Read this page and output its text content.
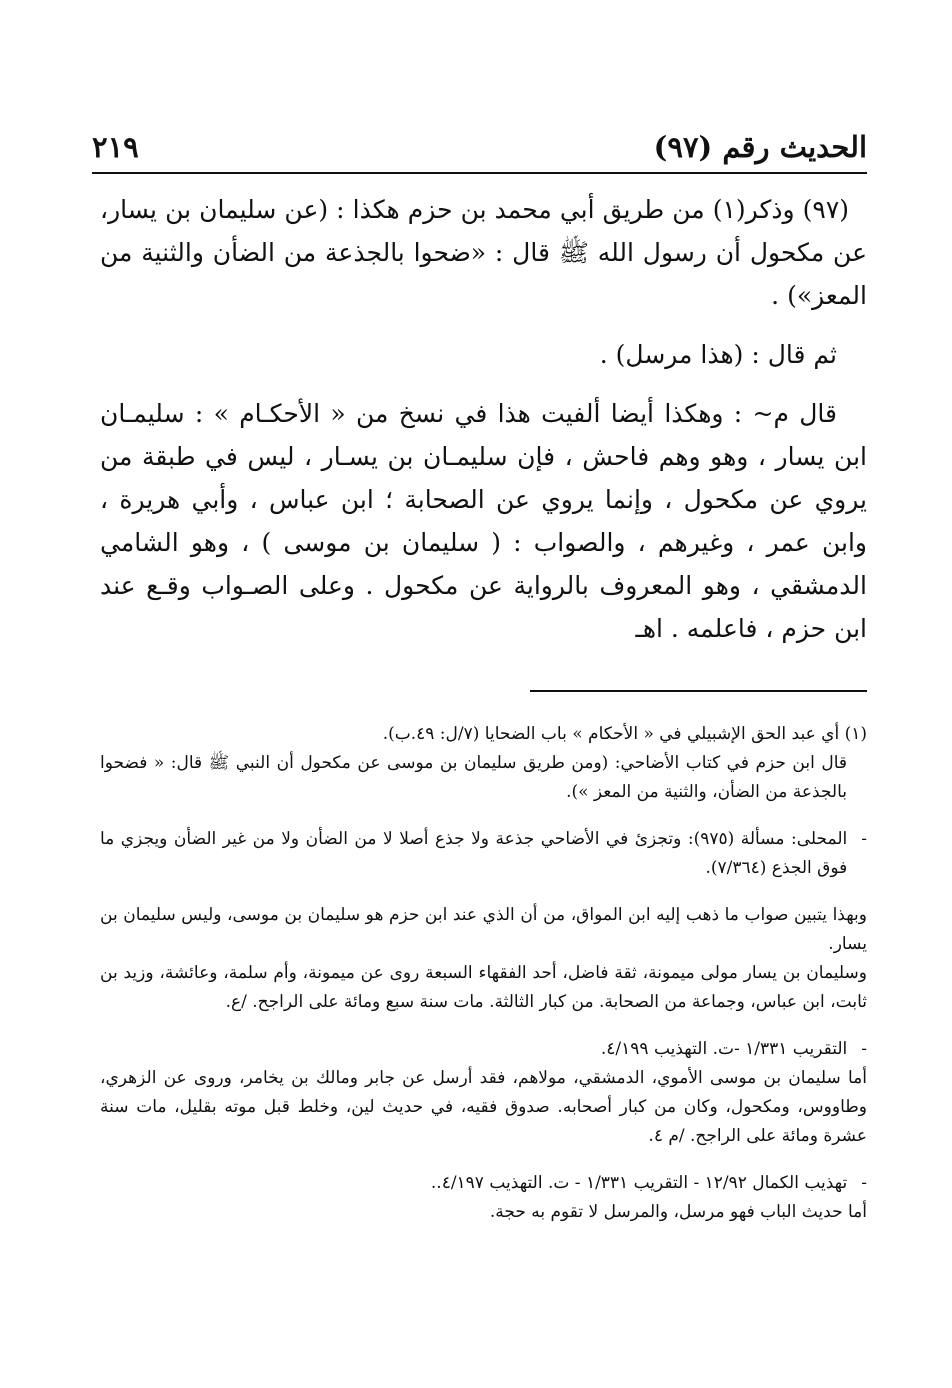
الحديث رقم (٩٧)
٢١٩

(٩٧) وذكر(١) من طريق أبي محمد بن حزم هكذا : (عن سليمان بن يسار، عن مكحول أن رسول الله ﷺ قال : «ضحوا بالجذعة من الضأن والثنية من المعز») .

ثم قال : (هذا مرسل) .

قال م~ : وهكذا أيضا ألفيت هذا في نسخ من « الأحكـام » : سليمـان ابن يسار ، وهو وهم فاحش ، فإن سليمـان بن يسـار ، ليس في طبقة من يروي عن مكحول ، وإنما يروي عن الصحابة ؛ ابن عباس ، وأبي هريرة ، وابن عمر ، وغيرهم ، والصواب : ( سليمان بن موسى ) ، وهو الشامي الدمشقي ، وهو المعروف بالرواية عن مكحول . وعلى الصـواب وقـع عند ابن حزم ، فاعلمه . اهـ

(١) أي عبد الحق الإشبيلي في « الأحكام » باب الضحايا (٧/ل: ٤٩.ب).

قال ابن حزم في كتاب الأضاحي: (ومن طريق سليمان بن موسى عن مكحول أن النبي ﷺ قال: « فضحوا بالجذعة من الضأن، والثنية من المعز »).

-
المحلى: مسألة (٩٧٥): وتجزئ في الأضاحي جذعة ولا جذع أصلا لا من الضأن ولا من غير الضأن ويجزي ما فوق الجذع (٧/٣٦٤).

وبهذا يتبين صواب ما ذهب إليه ابن المواق، من أن الذي عند ابن حزم هو سليمان بن موسى، وليس سليمان بن يسار.

وسليمان بن يسار مولى ميمونة، ثقة فاضل، أحد الفقهاء السبعة روى عن ميمونة، وأم سلمة، وعائشة، وزيد بن ثابت، ابن عباس، وجماعة من الصحابة. من كبار الثالثة. مات سنة سبع ومائة على الراجح. /ع.

-
التقريب ١/٣٣١ -ت. التهذيب ٤/١٩٩.

أما سليمان بن موسى الأموي، الدمشقي، مولاهم، فقد أرسل عن جابر ومالك بن يخامر، وروى عن الزهري، وطاووس، ومكحول، وكان من كبار أصحابه. صدوق فقيه، في حديث لين، وخلط قبل موته بقليل، مات سنة عشرة ومائة على الراجح. /م ٤.

-
تهذيب الكمال ١٢/٩٢ - التقريب ١/٣٣١ - ت. التهذيب ٤/١٩٧..

أما حديث الباب فهو مرسل، والمرسل لا تقوم به حجة.
